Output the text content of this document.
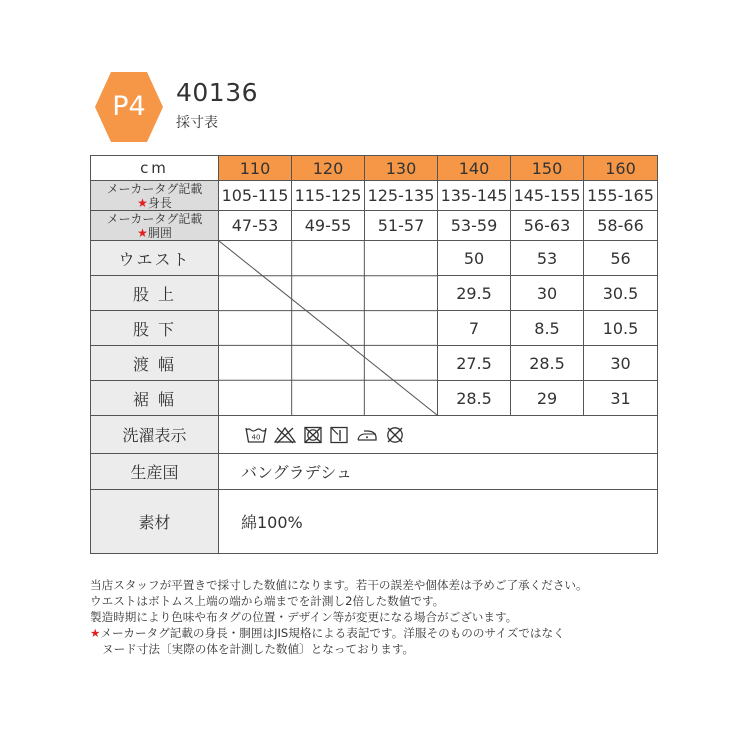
P4	40136
採寸表
cm	110	120	130	140	150	160
メーカータグ記載
★身長	105-115	115-125	125-135	135-145	145-155	155-165
メーカータグ記載
★胴囲	47-53	49-55	51-57	53-59	56-63	58-66
ウエスト				50	53	56
股 上				29.5	30	30.5
股 下				7	8.5	10.5
渡 幅				27.5	28.5	30
裾 幅				28.5	29	31
洗濯表示	40					

生産国	バングラデシュ					
素材	綿100%					

当店スタッフが平置きで採寸した数値になります。若干の誤差や個体差は予めご了承ください。

ウエストはボトムス上端の端から端までを計測し2倍した数値です。

製造時期により色味や布タグの位置・デザイン等が変更になる場合がございます。

★メーカータグ記載の身長・胴囲はJIS規格による表記です。洋服そのもののサイズではなく

ヌード寸法〔実際の体を計測した数値〕となっております。
